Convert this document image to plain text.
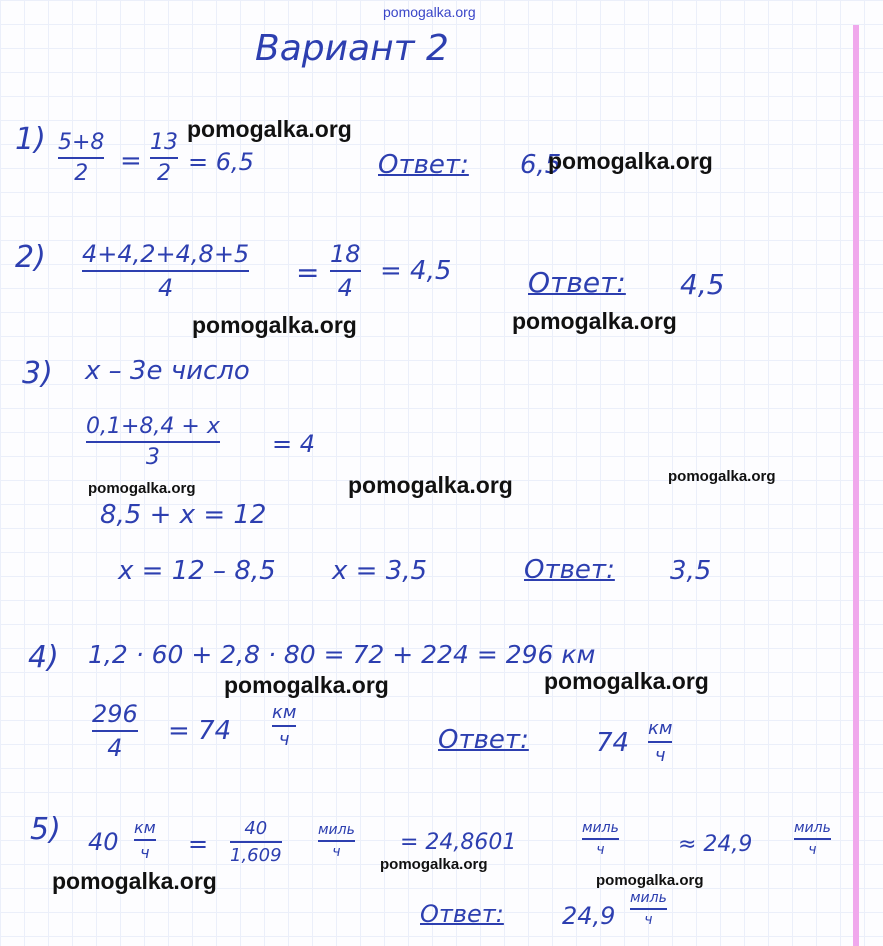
pomogalka.org
Вариант 2
1) 5+8
2 =
13
2 = 6,5	Ответ: 6,5
2) 4+4,2+4,8+5
4	=
18
4
= 4,5	Ответ: 4,5
3) x – 3е число
0,1+8,4 + x
3	= 4
8,5 + x = 12
x = 12 – 8,5 x = 3,5	Ответ: 3,5
4) 1,2 · 60 + 2,8 · 80 = 72 + 224 = 296 км
296
4
= 74
км
ч	Ответ:	74 км
ч
5) 40
км
ч =
40
1,609
миль
ч	= 24,8601
миль
ч	≈ 24,9
миль
ч
Ответ: 24,9
миль
ч
pomogalka.org
pomogalka.org
pomogalka.org	pomogalka.org
pomogalka.org	pomogalka.org	pomogalka.org
pomogalka.org	pomogalka.org
pomogalka.org
pomogalka.org
pomogalka.org
